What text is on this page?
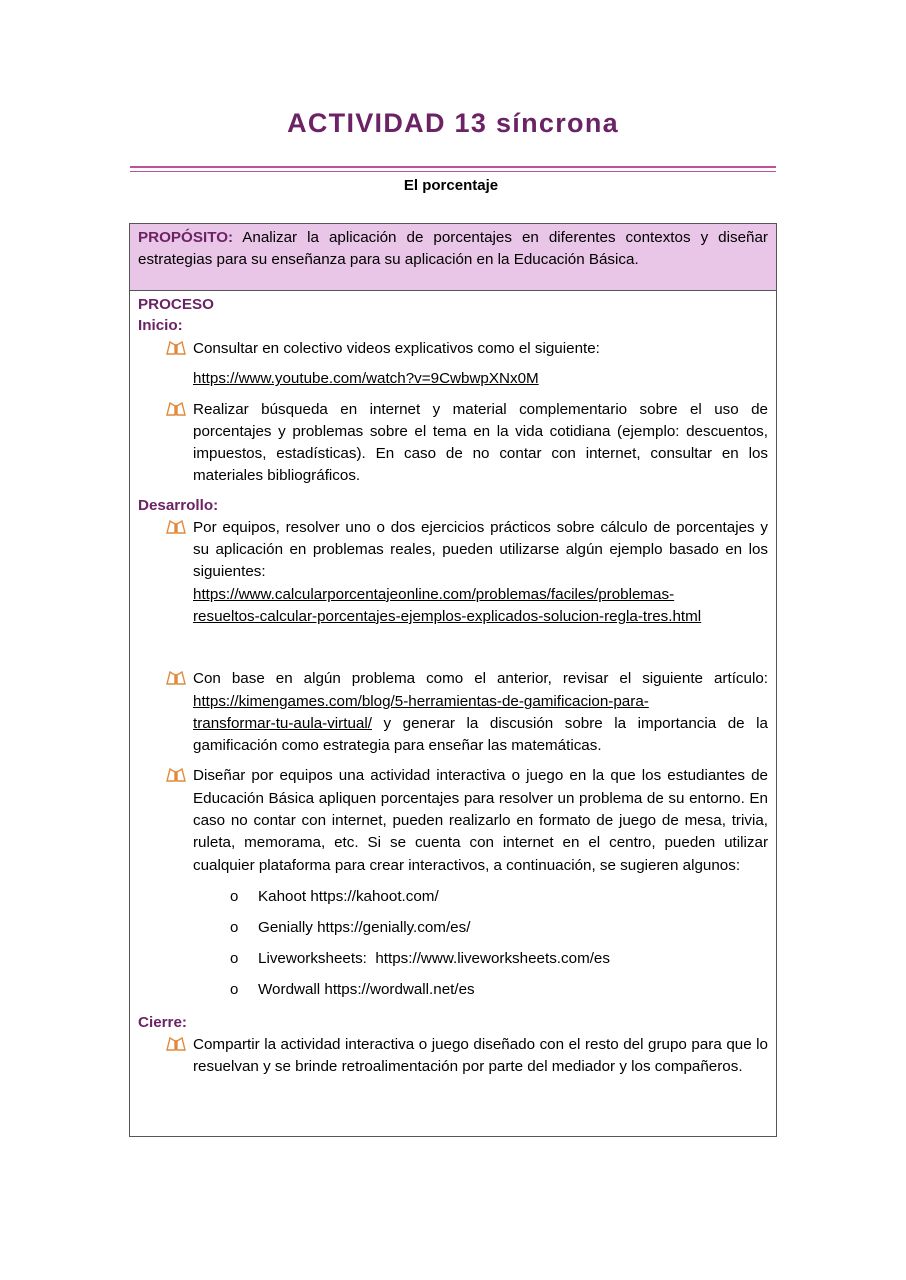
ACTIVIDAD 13 síncrona
El porcentaje
PROPÓSITO: Analizar la aplicación de porcentajes en diferentes contextos y diseñar estrategias para su enseñanza para su aplicación en la Educación Básica.
PROCESO
Inicio:
Consultar en colectivo videos explicativos como el siguiente:
https://www.youtube.com/watch?v=9CwbwpXNx0M
Realizar búsqueda en internet y material complementario sobre el uso de porcentajes y problemas sobre el tema en la vida cotidiana (ejemplo: descuentos, impuestos, estadísticas). En caso de no contar con internet, consultar en los materiales bibliográficos.
Desarrollo:
Por equipos, resolver uno o dos ejercicios prácticos sobre cálculo de porcentajes y su aplicación en problemas reales, pueden utilizarse algún ejemplo basado en los siguientes:
https://www.calcularporcentajeonline.com/problemas/faciles/problemas-
resueltos-calcular-porcentajes-ejemplos-explicados-solucion-regla-tres.html
Con base en algún problema como el anterior, revisar el siguiente artículo:
https://kimengames.com/blog/5-herramientas-de-gamificacion-para-
transformar-tu-aula-virtual/ y generar la discusión sobre la importancia de la gamificación como estrategia para enseñar las matemáticas.
Diseñar por equipos una actividad interactiva o juego en la que los estudiantes de Educación Básica apliquen porcentajes para resolver un problema de su entorno. En caso no contar con internet, pueden realizarlo en formato de juego de mesa, trivia, ruleta, memorama, etc. Si se cuenta con internet en el centro, pueden utilizar cualquier plataforma para crear interactivos, a continuación, se sugieren algunos:
o Kahoot https://kahoot.com/
o Genially https://genially.com/es/
o Liveworksheets:  https://www.liveworksheets.com/es
o Wordwall https://wordwall.net/es
Cierre:
Compartir la actividad interactiva o juego diseñado con el resto del grupo para que lo resuelvan y se brinde retroalimentación por parte del mediador y los compañeros.
